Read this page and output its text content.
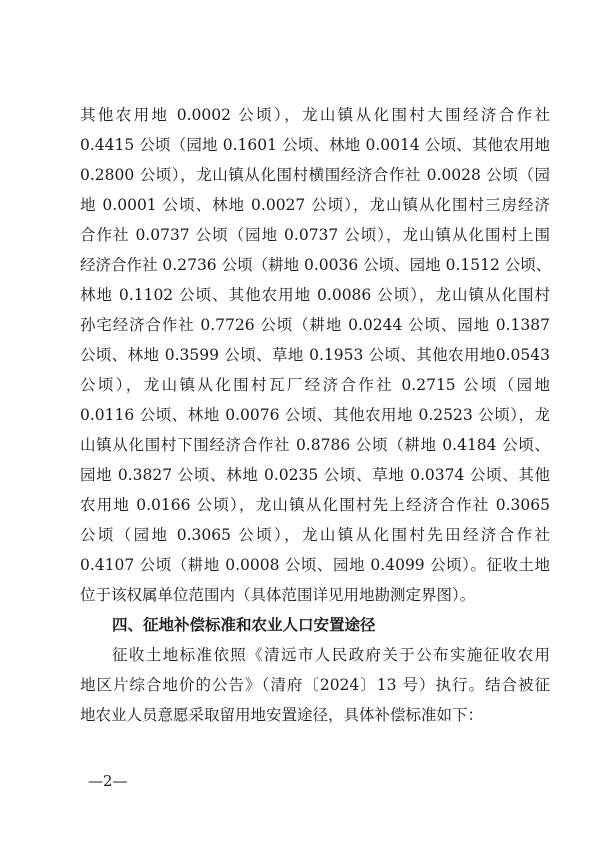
其他农用地 0.0002 公顷），龙山镇从化围村大围经济合作社
0.4415 公顷（园地 0.1601 公顷、林地 0.0014 公顷、其他农用地
0.2800 公顷），龙山镇从化围村横围经济合作社 0.0028 公顷（园
地 0.0001 公顷、林地 0.0027 公顷），龙山镇从化围村三房经济
合作社 0.0737 公顷（园地 0.0737 公顷），龙山镇从化围村上围
经济合作社 0.2736 公顷（耕地 0.0036 公顷、园地 0.1512 公顷、
林地 0.1102 公顷、其他农用地 0.0086 公顷），龙山镇从化围村
孙宅经济合作社 0.7726 公顷（耕地 0.0244 公顷、园地 0.1387
公顷、林地 0.3599 公顷、草地 0.1953 公顷、其他农用地0.0543
公顷），龙山镇从化围村瓦厂经济合作社 0.2715 公顷（园地
0.0116 公顷、林地 0.0076 公顷、其他农用地 0.2523 公顷），龙
山镇从化围村下围经济合作社 0.8786 公顷（耕地 0.4184 公顷、
园地 0.3827 公顷、林地 0.0235 公顷、草地 0.0374 公顷、其他
农用地 0.0166 公顷），龙山镇从化围村先上经济合作社 0.3065
公顷（园地 0.3065 公顷），龙山镇从化围村先田经济合作社
0.4107 公顷（耕地 0.0008 公顷、园地 0.4099 公顷）。征收土地
位于该权属单位范围内（具体范围详见用地勘测定界图）。
四、征地补偿标准和农业人口安置途径
征收土地标准依照《清远市人民政府关于公布实施征收农用
地区片综合地价的公告》（清府〔2024〕13 号）执行。结合被征
地农业人员意愿采取留用地安置途径，具体补偿标准如下：
—2—
